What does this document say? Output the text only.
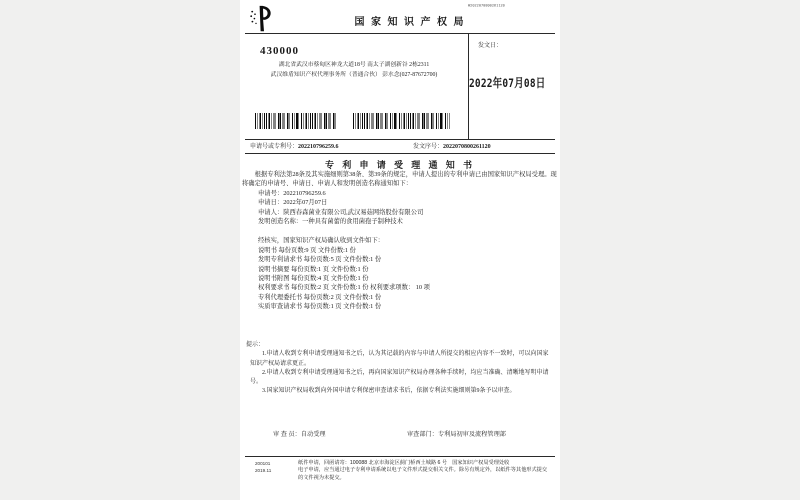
国 家 知 识 产 权 局
W2022070800261120
430000
湖北省武汉市蔡甸区神龙大道18号 南太子湖创新谷 2栋2311
武汉维盾知识产权代理事务所（普通合伙） 彭水念(027-87672700)
发文日：
2022年07月08日
申请号或专利号：202210796259.6	发文序号：2022070800261120
专 利 申 请 受 理 通 知 书
根据专利法第28条及其实施细则第38条、第39条的规定，申请人提出的专利申请已由国家知识产权局受理。现将确定的申请号、申请日、申请人和发明创造名称通知如下：
申请号：202210796259.6
申请日：2022年07月07日
申请人：陕西春森菌业有限公司,武汉易菇网络股份有限公司
发明创造名称：一种具有菌蕾的食用菌孢子制种技术
经核实，国家知识产权局确认收到文件如下：
说明书 每份页数:9 页 文件份数:1 份
发明专利请求书 每份页数:5 页 文件份数:1 份
说明书摘要 每份页数:1 页 文件份数:1 份
说明书附图 每份页数:4 页 文件份数:1 份
权利要求书 每份页数:2 页 文件份数:1 份 权利要求项数： 10 项
专利代理委托书 每份页数:2 页 文件份数:1 份
实质审查请求书 每份页数:1 页 文件份数:1 份
提示：
1.申请人收到专利申请受理通知书之后，认为其记载的内容与申请人所提交的相应内容不一致时，可以向国家知识产权局请求更正。
2.申请人收到专利申请受理通知书之后，再向国家知识产权局办理各种手续时，均应当准确、清晰地写明申请号。
3.国家知识产权局收到向外国申请专利保密审查请求书后，依据专利法实施细则第9条予以审查。
审 查 员：自动受理	审查部门：专利局初审及流程管理部
200101
2019.11
纸件申请，回函请寄：100088 北京市海淀区蓟门桥西土城路 6 号　国家知识产权局受理处收
电子申请，应当通过电子专利申请系统以电子文件形式提交相关文件。除另有规定外，以纸件等其他形式提交的文件视为未提交。
